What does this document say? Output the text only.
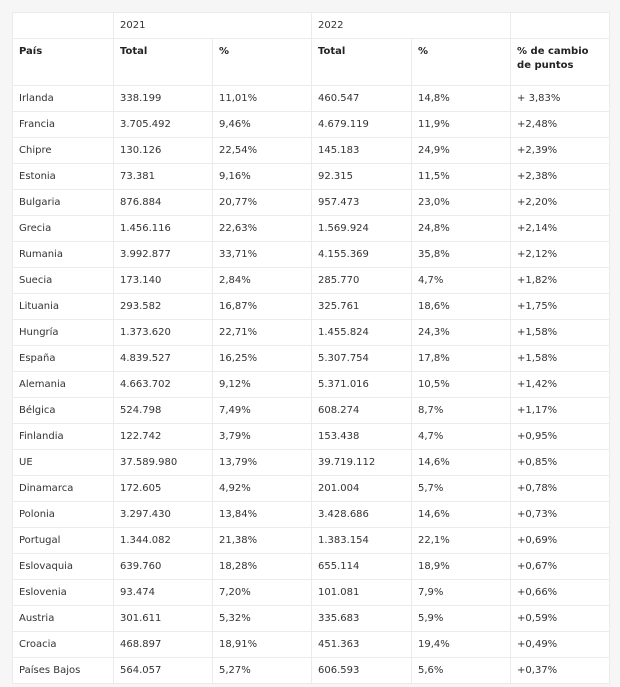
	2021		2022		
País	Total	%	Total	%	% de cambio de puntos
Irlanda	338.199	11,01%	460.547	14,8%	+ 3,83%
Francia	3.705.492	9,46%	4.679.119	11,9%	+2,48%
Chipre	130.126	22,54%	145.183	24,9%	+2,39%
Estonia	73.381	9,16%	92.315	11,5%	+2,38%
Bulgaria	876.884	20,77%	957.473	23,0%	+2,20%
Grecia	1.456.116	22,63%	1.569.924	24,8%	+2,14%
Rumania	3.992.877	33,71%	4.155.369	35,8%	+2,12%
Suecia	173.140	2,84%	285.770	4,7%	+1,82%
Lituania	293.582	16,87%	325.761	18,6%	+1,75%
Hungría	1.373.620	22,71%	1.455.824	24,3%	+1,58%
España	4.839.527	16,25%	5.307.754	17,8%	+1,58%
Alemania	4.663.702	9,12%	5.371.016	10,5%	+1,42%
Bélgica	524.798	7,49%	608.274	8,7%	+1,17%
Finlandia	122.742	3,79%	153.438	4,7%	+0,95%
UE	37.589.980	13,79%	39.719.112	14,6%	+0,85%
Dinamarca	172.605	4,92%	201.004	5,7%	+0,78%
Polonia	3.297.430	13,84%	3.428.686	14,6%	+0,73%
Portugal	1.344.082	21,38%	1.383.154	22,1%	+0,69%
Eslovaquia	639.760	18,28%	655.114	18,9%	+0,67%
Eslovenia	93.474	7,20%	101.081	7,9%	+0,66%
Austria	301.611	5,32%	335.683	5,9%	+0,59%
Croacia	468.897	18,91%	451.363	19,4%	+0,49%
Países Bajos	564.057	5,27%	606.593	5,6%	+0,37%
